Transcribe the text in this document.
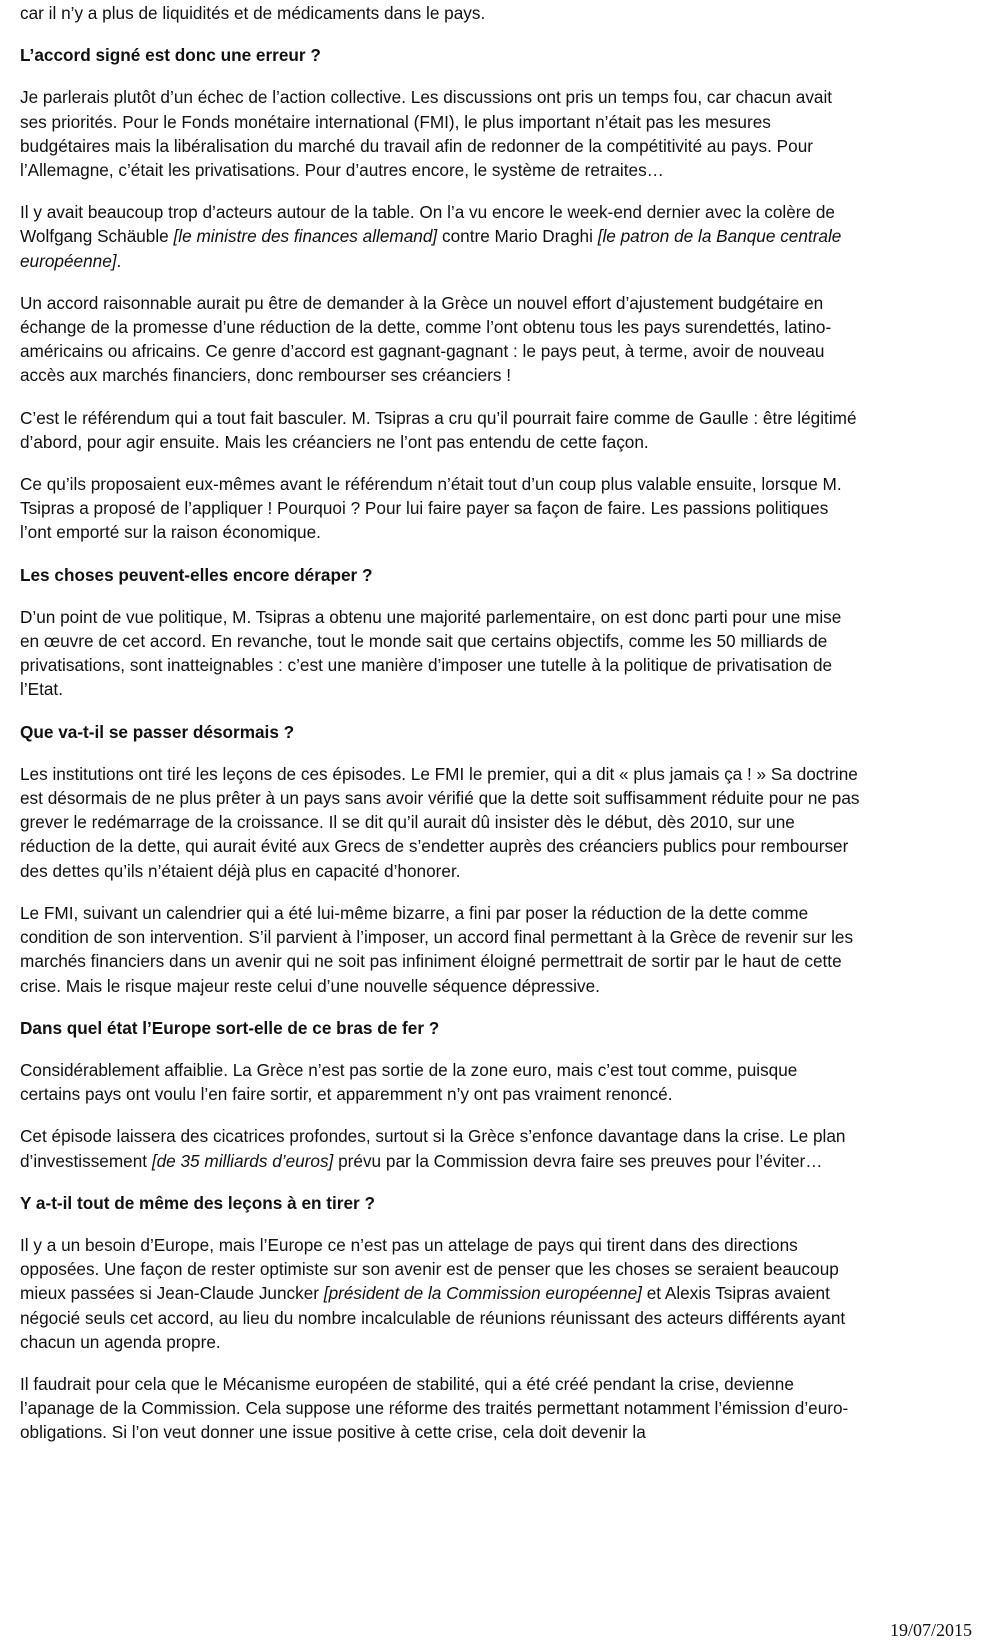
car il n’y a plus de liquidités et de médicaments dans le pays.

L’accord signé est donc une erreur ?

Je parlerais plutôt d’un échec de l’action collective. Les discussions ont pris un temps fou, car chacun avait ses priorités. Pour le Fonds monétaire international (FMI), le plus important n’était pas les mesures budgétaires mais la libéralisation du marché du travail afin de redonner de la compétitivité au pays. Pour l’Allemagne, c’était les privatisations. Pour d’autres encore, le système de retraites…

Il y avait beaucoup trop d’acteurs autour de la table. On l’a vu encore le week-end dernier avec la colère de Wolfgang Schäuble [le ministre des finances allemand] contre Mario Draghi [le patron de la Banque centrale européenne].

Un accord raisonnable aurait pu être de demander à la Grèce un nouvel effort d’ajustement budgétaire en échange de la promesse d’une réduction de la dette, comme l’ont obtenu tous les pays surendettés, latino-américains ou africains. Ce genre d’accord est gagnant-gagnant : le pays peut, à terme, avoir de nouveau accès aux marchés financiers, donc rembourser ses créanciers !

C’est le référendum qui a tout fait basculer. M. Tsipras a cru qu’il pourrait faire comme de Gaulle : être légitimé d’abord, pour agir ensuite. Mais les créanciers ne l’ont pas entendu de cette façon.

Ce qu’ils proposaient eux-mêmes avant le référendum n’était tout d’un coup plus valable ensuite, lorsque M. Tsipras a proposé de l’appliquer ! Pourquoi ? Pour lui faire payer sa façon de faire. Les passions politiques l’ont emporté sur la raison économique.

Les choses peuvent-elles encore déraper ?

D’un point de vue politique, M. Tsipras a obtenu une majorité parlementaire, on est donc parti pour une mise en œuvre de cet accord. En revanche, tout le monde sait que certains objectifs, comme les 50 milliards de privatisations, sont inatteignables : c’est une manière d’imposer une tutelle à la politique de privatisation de l’Etat.

Que va-t-il se passer désormais ?

Les institutions ont tiré les leçons de ces épisodes. Le FMI le premier, qui a dit « plus jamais ça ! » Sa doctrine est désormais de ne plus prêter à un pays sans avoir vérifié que la dette soit suffisamment réduite pour ne pas grever le redémarrage de la croissance. Il se dit qu’il aurait dû insister dès le début, dès 2010, sur une réduction de la dette, qui aurait évité aux Grecs de s’endetter auprès des créanciers publics pour rembourser des dettes qu’ils n’étaient déjà plus en capacité d’honorer.

Le FMI, suivant un calendrier qui a été lui-même bizarre, a fini par poser la réduction de la dette comme condition de son intervention. S’il parvient à l’imposer, un accord final permettant à la Grèce de revenir sur les marchés financiers dans un avenir qui ne soit pas infiniment éloigné permettrait de sortir par le haut de cette crise. Mais le risque majeur reste celui d’une nouvelle séquence dépressive.

Dans quel état l’Europe sort-elle de ce bras de fer ?

Considérablement affaiblie. La Grèce n’est pas sortie de la zone euro, mais c’est tout comme, puisque certains pays ont voulu l’en faire sortir, et apparemment n’y ont pas vraiment renoncé.

Cet épisode laissera des cicatrices profondes, surtout si la Grèce s’enfonce davantage dans la crise. Le plan d’investissement [de 35 milliards d’euros] prévu par la Commission devra faire ses preuves pour l’éviter…

Y a-t-il tout de même des leçons à en tirer ?

Il y a un besoin d’Europe, mais l’Europe ce n’est pas un attelage de pays qui tirent dans des directions opposées. Une façon de rester optimiste sur son avenir est de penser que les choses se seraient beaucoup mieux passées si Jean-Claude Juncker [président de la Commission européenne] et Alexis Tsipras avaient négocié seuls cet accord, au lieu du nombre incalculable de réunions réunissant des acteurs différents ayant chacun un agenda propre.

Il faudrait pour cela que le Mécanisme européen de stabilité, qui a été créé pendant la crise, devienne l’apanage de la Commission. Cela suppose une réforme des traités permettant notamment l’émission d’euro-obligations. Si l’on veut donner une issue positive à cette crise, cela doit devenir la

19/07/2015
